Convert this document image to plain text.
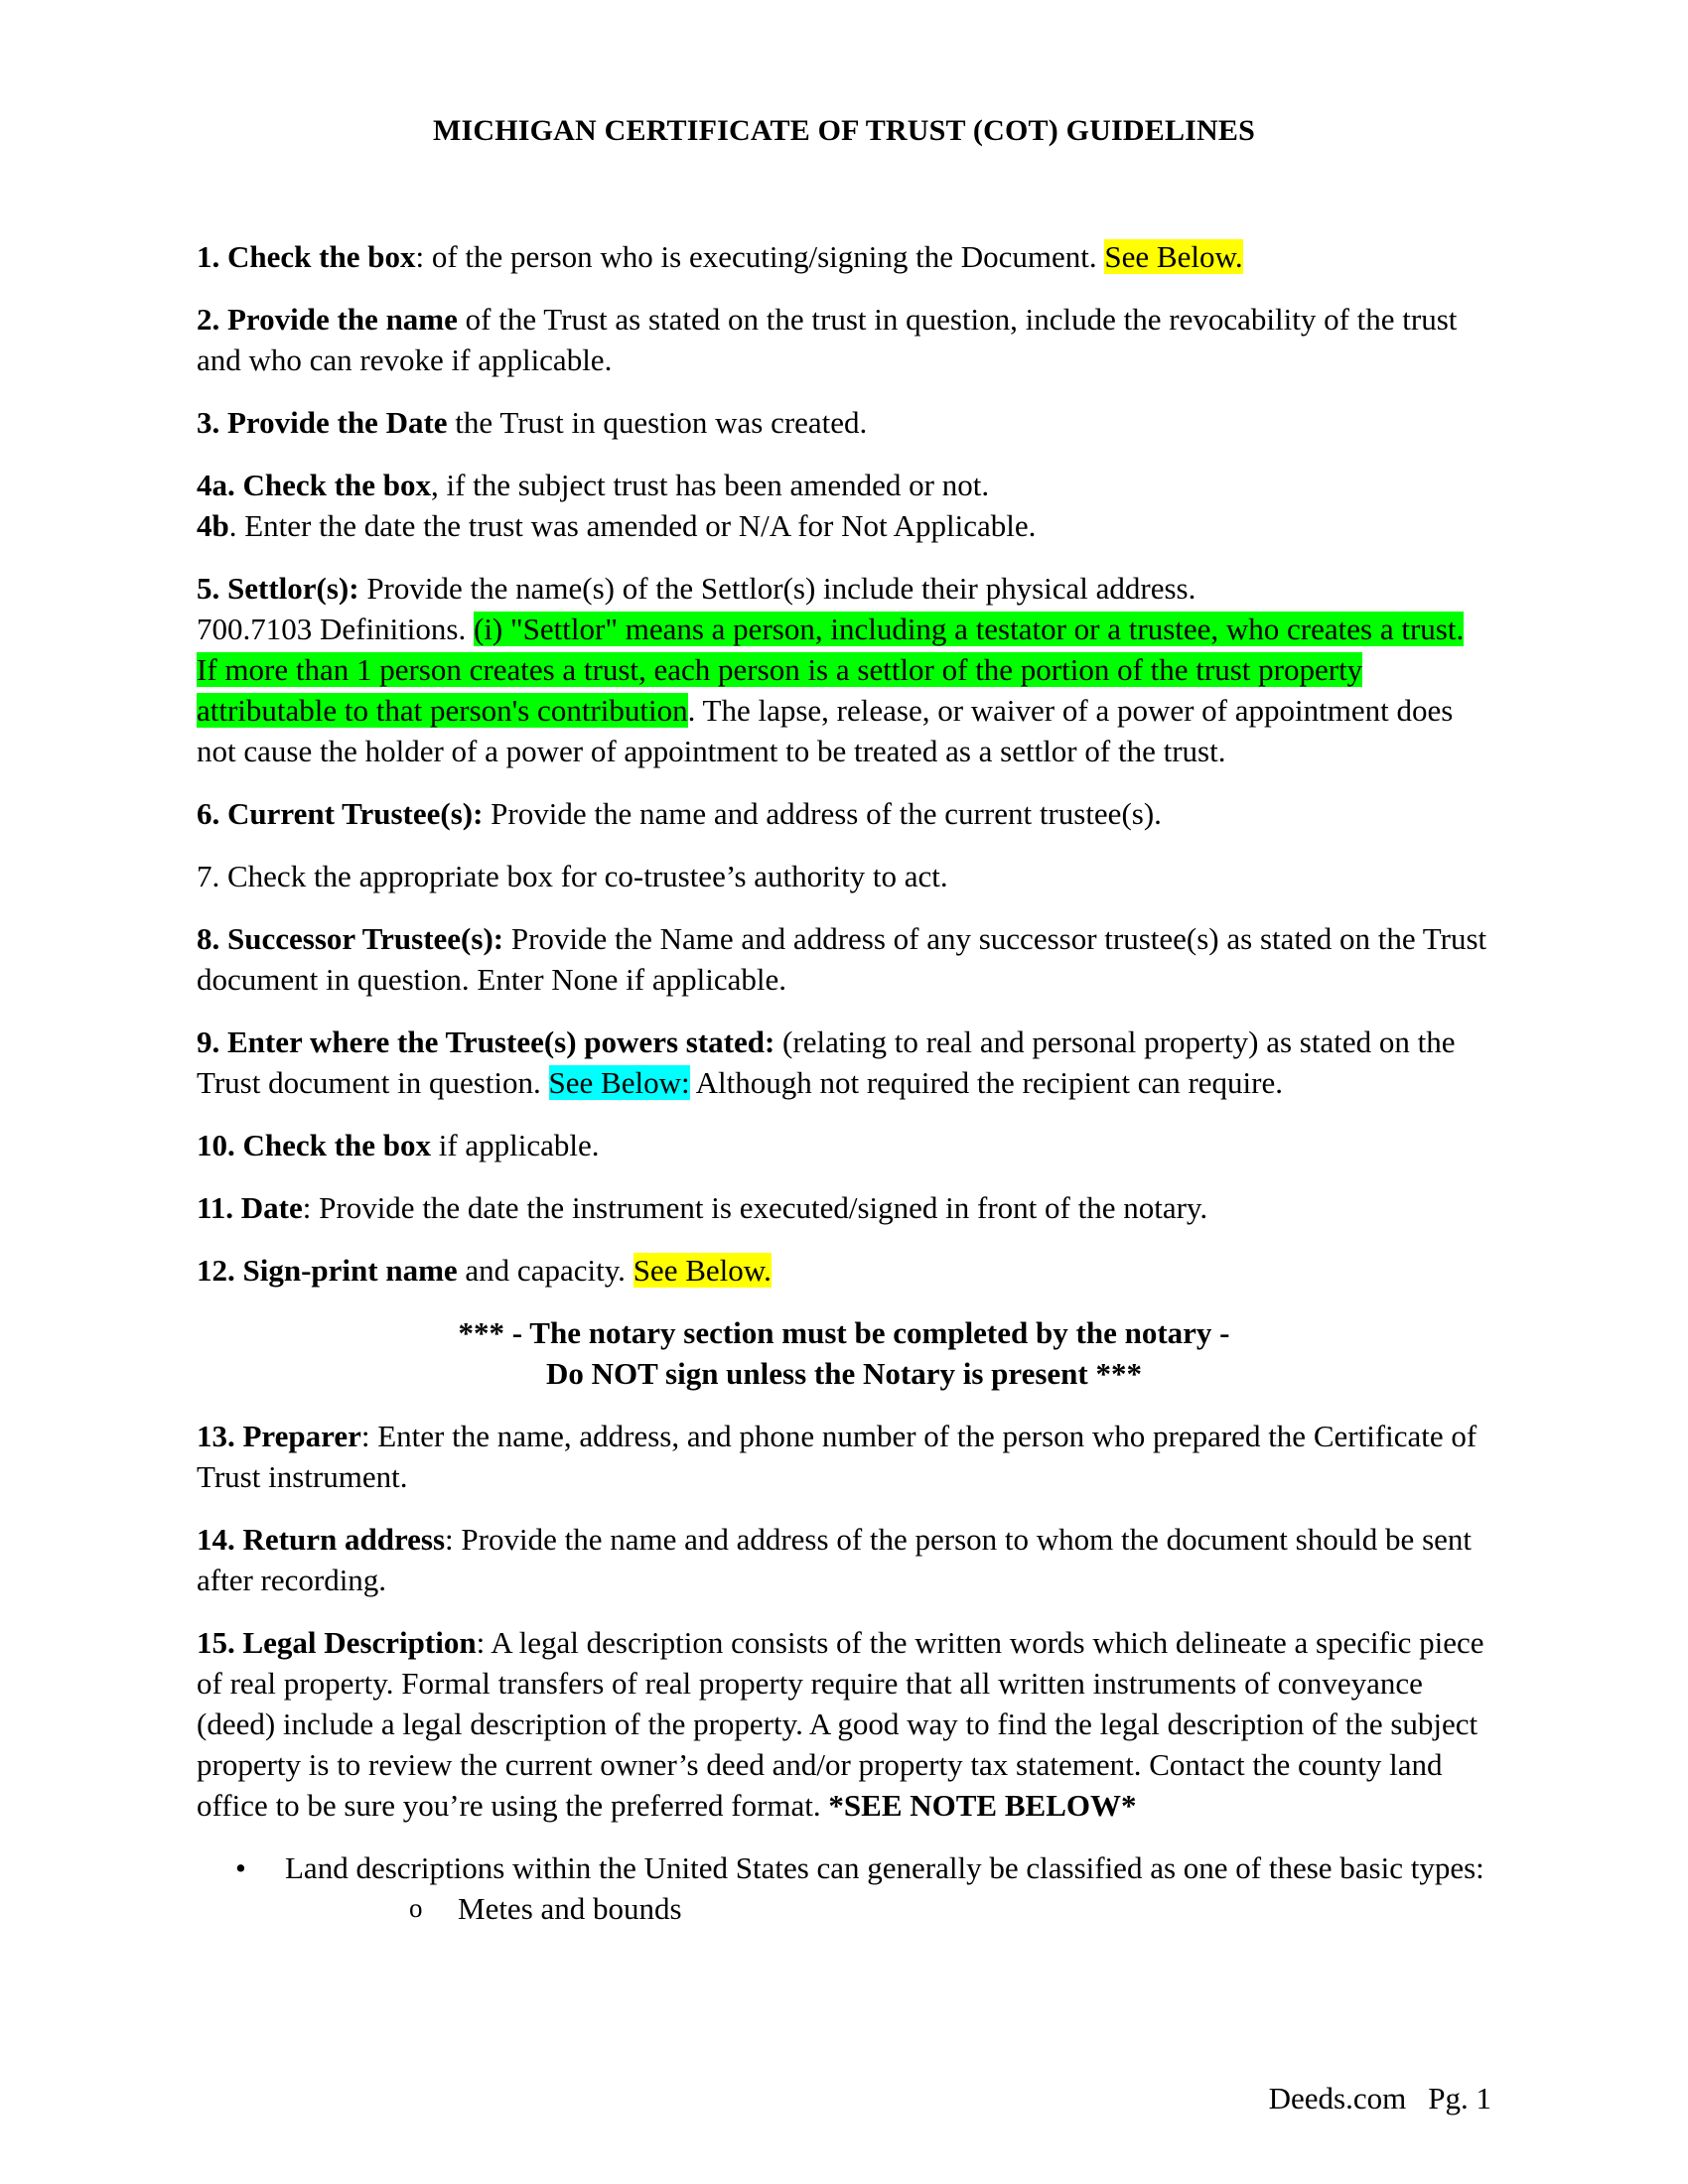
MICHIGAN CERTIFICATE OF TRUST (COT) GUIDELINES

1. Check the box: of the person who is executing/signing the Document. See Below.

2. Provide the name of the Trust as stated on the trust in question, include the revocability of the trust and who can revoke if applicable.

3. Provide the Date the Trust in question was created.

4a. Check the box, if the subject trust has been amended or not.
4b. Enter the date the trust was amended or N/A for Not Applicable.

5. Settlor(s): Provide the name(s) of the Settlor(s) include their physical address.
700.7103 Definitions. (i) "Settlor" means a person, including a testator or a trustee, who creates a trust. If more than 1 person creates a trust, each person is a settlor of the portion of the trust property attributable to that person's contribution. The lapse, release, or waiver of a power of appointment does not cause the holder of a power of appointment to be treated as a settlor of the trust.

6. Current Trustee(s): Provide the name and address of the current trustee(s).

7. Check the appropriate box for co-trustee’s authority to act.

8. Successor Trustee(s): Provide the Name and address of any successor trustee(s) as stated on the Trust document in question. Enter None if applicable.

9. Enter where the Trustee(s) powers stated: (relating to real and personal property) as stated on the Trust document in question. See Below: Although not required the recipient can require.

10. Check the box if applicable.

11. Date: Provide the date the instrument is executed/signed in front of the notary.

12. Sign-print name and capacity. See Below.

*** - The notary section must be completed by the notary -
Do NOT sign unless the Notary is present ***

13. Preparer: Enter the name, address, and phone number of the person who prepared the Certificate of Trust instrument.

14. Return address: Provide the name and address of the person to whom the document should be sent after recording.

15. Legal Description: A legal description consists of the written words which delineate a specific piece of real property. Formal transfers of real property require that all written instruments of conveyance (deed) include a legal description of the property. A good way to find the legal description of the subject property is to review the current owner’s deed and/or property tax statement. Contact the county land office to be sure you’re using the preferred format. *SEE NOTE BELOW*

• Land descriptions within the United States can generally be classified as one of these basic types:
o Metes and bounds
Deeds.com Pg. 1
